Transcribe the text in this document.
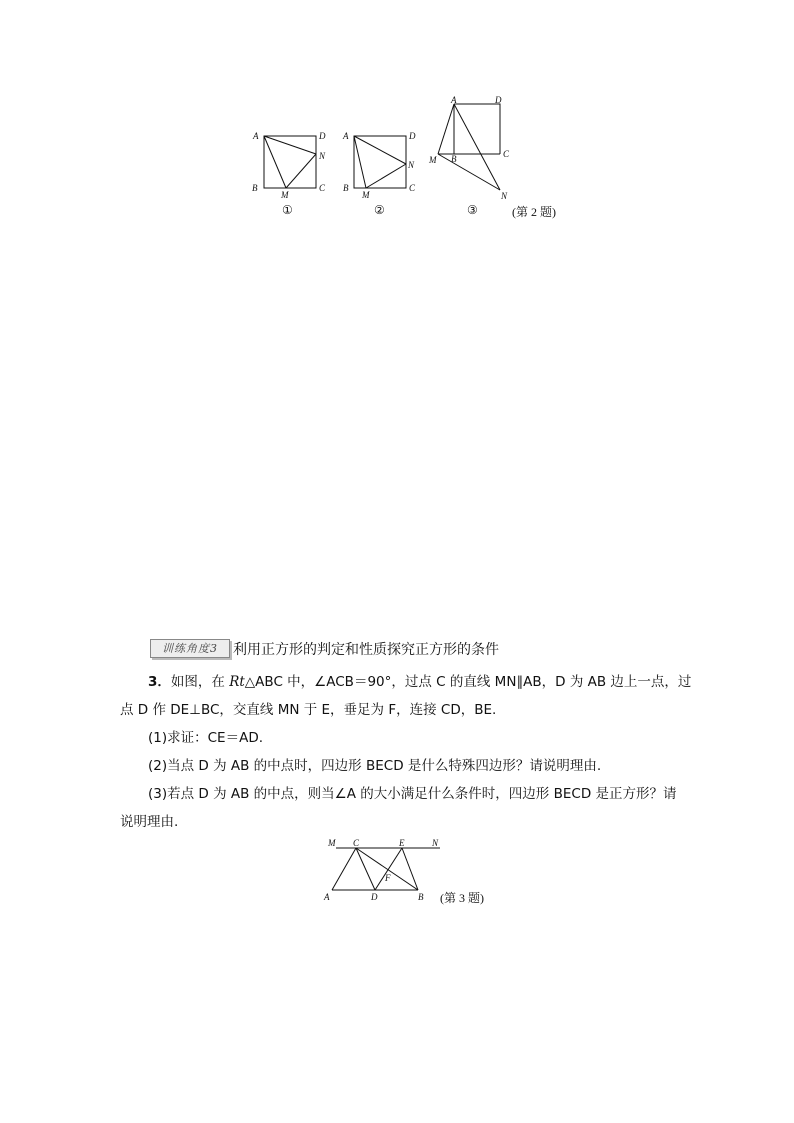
A	D
N
B
M
C
A	D
N
B
M
C
A	D
M B	C
N
①	②	③	(第 2 题)
训练角度3	利用正方形的判定和性质探究正方形的条件
3．如图，在 Rt△ABC 中，∠ACB＝90°，过点 C 的直线 MN∥AB，D 为 AB 边上一点，过
点 D 作 DE⊥BC，交直线 MN 于 E，垂足为 F，连接 CD，BE.
(1)求证：CE＝AD.
(2)当点 D 为 AB 的中点时，四边形 BECD 是什么特殊四边形？请说明理由.
(3)若点 D 为 AB 的中点，则当∠A 的大小满足什么条件时，四边形 BECD 是正方形？请
说明理由.
M C	E	N
F
A	D	B (第 3 题)
